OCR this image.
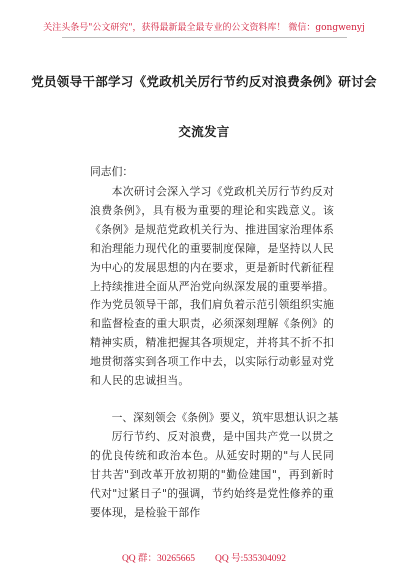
关注头条号"公文研究"，获得最新最全最专业的公文资料库！ 微信：gongwenyj
党员领导干部学习《党政机关厉行节约反对浪费条例》研讨会
交流发言
同志们：

本次研讨会深入学习《党政机关厉行节约反对浪费条例》，具有极为重要的理论和实践意义。该《条例》是规范党政机关行为、推进国家治理体系和治理能力现代化的重要制度保障，是坚持以人民为中心的发展思想的内在要求，更是新时代新征程上持续推进全面从严治党向纵深发展的重要举措。作为党员领导干部，我们肩负着示范引领组织实施和监督检查的重大职责，必须深刻理解《条例》的精神实质，精准把握其各项规定，并将其不折不扣地贯彻落实到各项工作中去，以实际行动彰显对党和人民的忠诚担当。

一、深刻领会《条例》要义，筑牢思想认识之基

厉行节约、反对浪费，是中国共产党一以贯之的优良传统和政治本色。从延安时期的"与人民同甘共苦"到改革开放初期的"勤俭建国"，再到新时代对"过紧日子"的强调，节约始终是党性修养的重要体现，是检验干部作

QQ 群：30265665 QQ 号:535304092
